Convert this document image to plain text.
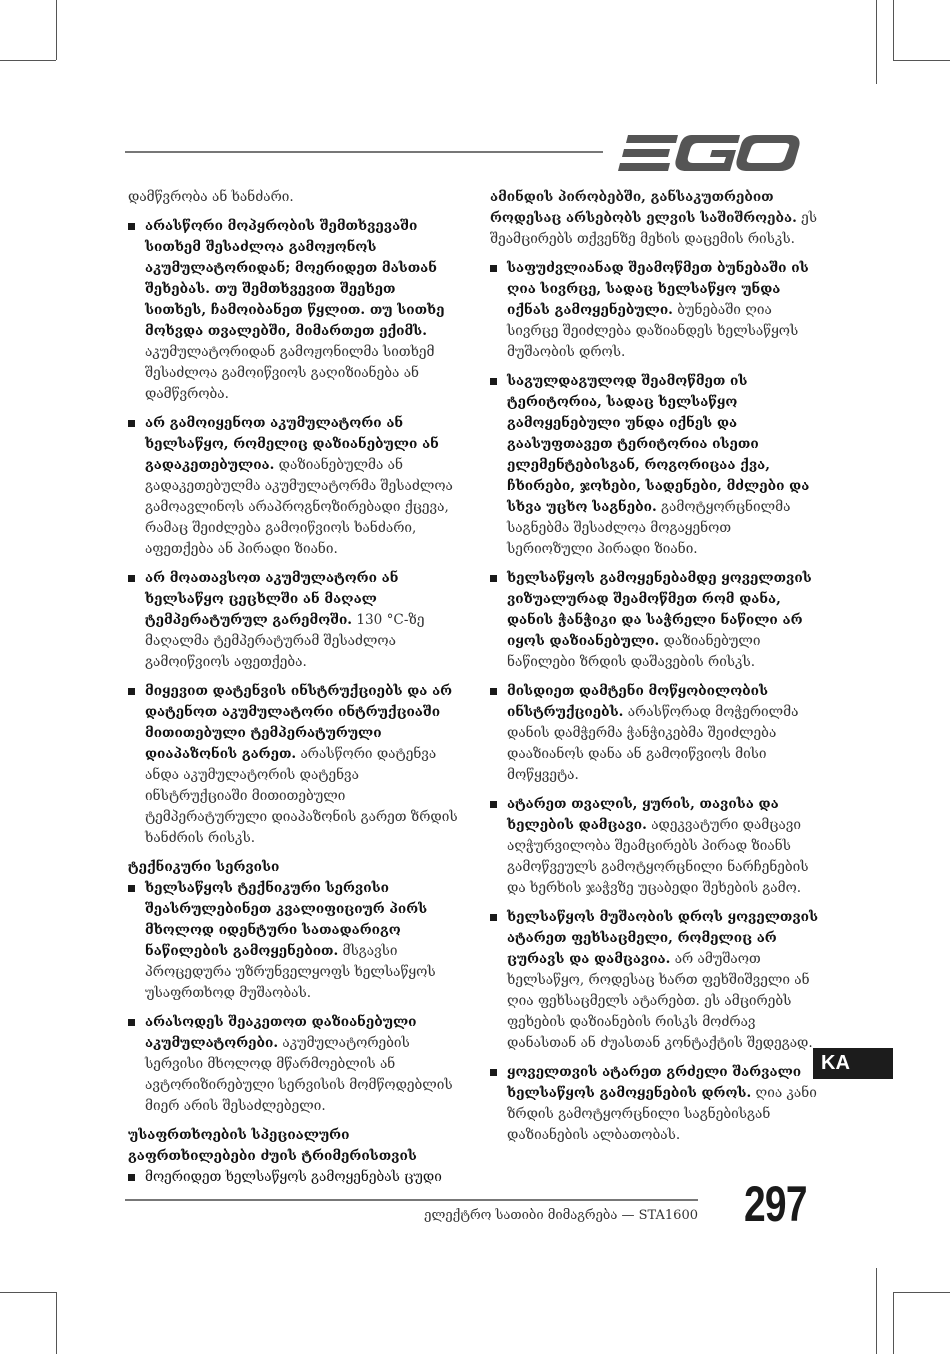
დამწვრობა ან ხანძარი.

არასწორი მოპყრობის შემთხვევაში სითხემ შესაძლოა გამოჟონოს აკუმულატორიდან; მოერიდეთ მასთან შეხებას. თუ შემთხვევით შეეხეთ სითხეს, ჩამოიბანეთ წყლით. თუ სითხე მოხვდა თვალებში, მიმართეთ ექიმს. აკუმულატორიდან გამოჟონილმა სითხემ შესაძლოა გამოიწვიოს გაღიზიანება ან დამწვრობა.
არ გამოიყენოთ აკუმულატორი ან ხელსაწყო, რომელიც დაზიანებული ან გადაკეთებულია. დაზიანებულმა ან გადაკეთებულმა აკუმულატორმა შესაძლოა გამოავლინოს არაპროგნოზირებადი ქცევა, რამაც შეიძლება გამოიწვიოს ხანძარი, აფეთქება ან პირადი ზიანი.
არ მოათავსოთ აკუმულატორი ან ხელსაწყო ცეცხლში ან მაღალ ტემპერატურულ გარემოში. 130 °C-ზე მაღალმა ტემპერატურამ შესაძლოა გამოიწვიოს აფეთქება.
მიყევით დატენვის ინსტრუქციებს და არ დატენოთ აკუმულატორი ინტრუქციაში მითითებული ტემპერატურული დიაპაზონის გარეთ. არასწორი დატენვა ანდა აკუმულატორის დატენვა ინსტრუქციაში მითითებული ტემპერატურული დიაპაზონის გარეთ ზრდის ხანძრის რისკს.

ტექნიკური სერვისი

ხელსაწყოს ტექნიკური სერვისი შეასრულებინეთ კვალიფიციურ პირს მხოლოდ იდენტური სათადარიგო ნაწილების გამოყენებით. მსგავსი პროცედურა უზრუნველყოფს ხელსაწყოს უსაფრთხოდ მუშაობას.
არასოდეს შეაკეთოთ დაზიანებული აკუმულატორები. აკუმულატორების სერვისი მხოლოდ მწარმოებლის ან ავტორიზირებული სერვისის მომწოდებლის მიერ არის შესაძლებელი.

უსაფრთხოების სპეციალური გაფრთხილებები ძუის ტრიმერისთვის

მოერიდეთ ხელსაწყოს გამოყენებას ცუდი

ამინდის პირობებში, განსაკუთრებით როდესაც არსებობს ელვის საშიშროება. ეს შეამცირებს თქვენზე მეხის დაცემის რისკს.

საფუძვლიანად შეამოწმეთ ბუნებაში ის ღია სივრცე, სადაც ხელსაწყო უნდა იქნას გამოყენებული. ბუნებაში ღია სივრცე შეიძლება დაზიანდეს ხელსაწყოს მუშაობის დროს.
საგულდაგულოდ შეამოწმეთ ის ტერიტორია, სადაც ხელსაწყო გამოყენებული უნდა იქნეს და გაასუფთავეთ ტერიტორია ისეთი ელემენტებისგან, როგორიცაა ქვა, ჩხირები, ჯოხები, სადენები, მძლები და სხვა უცხო საგნები. გამოტყორცნილმა საგნებმა შესაძლოა მოგაყენოთ სერიოზული პირადი ზიანი.
ხელსაწყოს გამოყენებამდე ყოველთვის ვიზუალურად შეამოწმეთ რომ დანა, დანის ჭანჭიკი და საჭრელი ნაწილი არ იყოს დაზიანებული. დაზიანებული ნაწილები ზრდის დაშავების რისკს.
მისდიეთ დამტენი მოწყობილობის ინსტრუქციებს. არასწორად მოჭერილმა დანის დამჭერმა ჭანჭიკებმა შეიძლება დააზიანოს დანა ან გამოიწვიოს მისი მოწყვეტა.
ატარეთ თვალის, ყურის, თავისა და ხელების დამცავი. ადეკვატური დამცავი აღჭურვილობა შეამცირებს პირად ზიანს გამოწვეულს გამოტყორცნილი ნარჩენების და ხერხის ჯაჭვზე უცაბედი შეხების გამო.
ხელსაწყოს მუშაობის დროს ყოველთვის ატარეთ ფეხსაცმელი, რომელიც არ ცურავს და დამცავია. არ ამუშაოთ ხელსაწყო, როდესაც ხართ ფეხშიშველი ან ღია ფეხსაცმელს ატარებთ. ეს ამცირებს ფეხების დაზიანების რისკს მოძრავ დანასთან ან ძუასთან კონტაქტის შედეგად.
ყოველთვის ატარეთ გრძელი შარვალი ხელსაწყოს გამოყენების დროს. ღია კანი ზრდის გამოტყორცნილი საგნებისგან დაზიანების ალბათობას.
KA
ელექტრო სათიბი მიმაგრება — STA1600 297
